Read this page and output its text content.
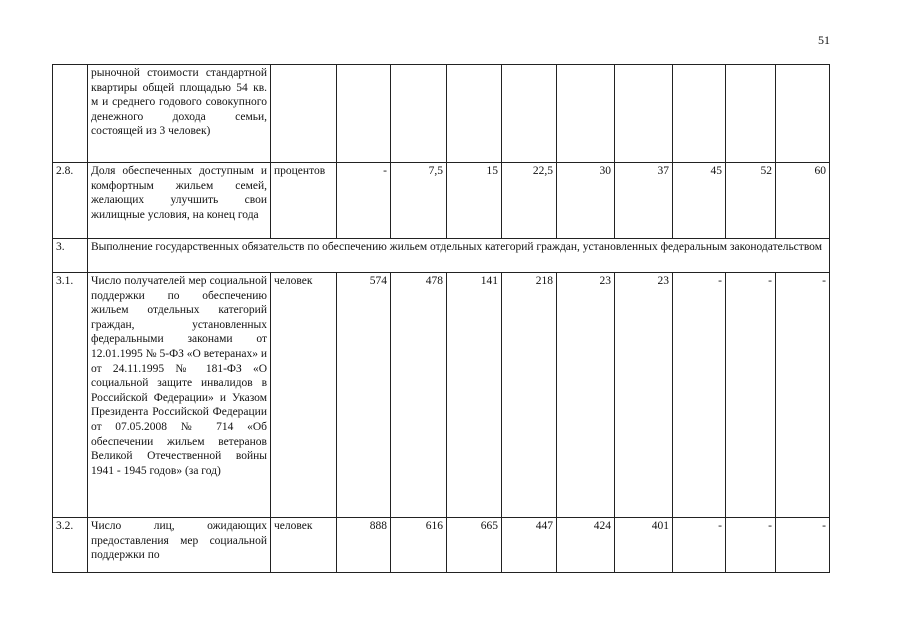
51
	рыночной стоимости стандартной квартиры общей площадью 54 кв. м и среднего годового совокупного денежного дохода семьи, состоящей из 3 человек)										
2.8.	Доля обеспеченных доступным и комфортным жильем семей, желающих улучшить свои жилищные условия, на конец года	процентов	-	7,5	15	22,5	30	37	45	52	60
3.	Выполнение государственных обязательств по обеспечению жильем отдельных категорий граждан, установленных федеральным законодательством										
3.1.	Число получателей мер социальной поддержки по обеспечению жильем отдельных категорий граждан, установленных федеральными законами от 12.01.1995 № 5-ФЗ «О ветеранах» и от 24.11.1995 № 181-ФЗ «О социальной защите инвалидов в Российской Федерации» и Указом Президента Российской Федерации от 07.05.2008 № 714 «Об обеспечении жильем ветеранов Великой Отечественной войны 1941 - 1945 годов» (за год)	человек	574	478	141	218	23	23	-	-	-
3.2.	Число лиц, ожидающих предоставления мер социальной поддержки по	человек	888	616	665	447	424	401	-	-	-
